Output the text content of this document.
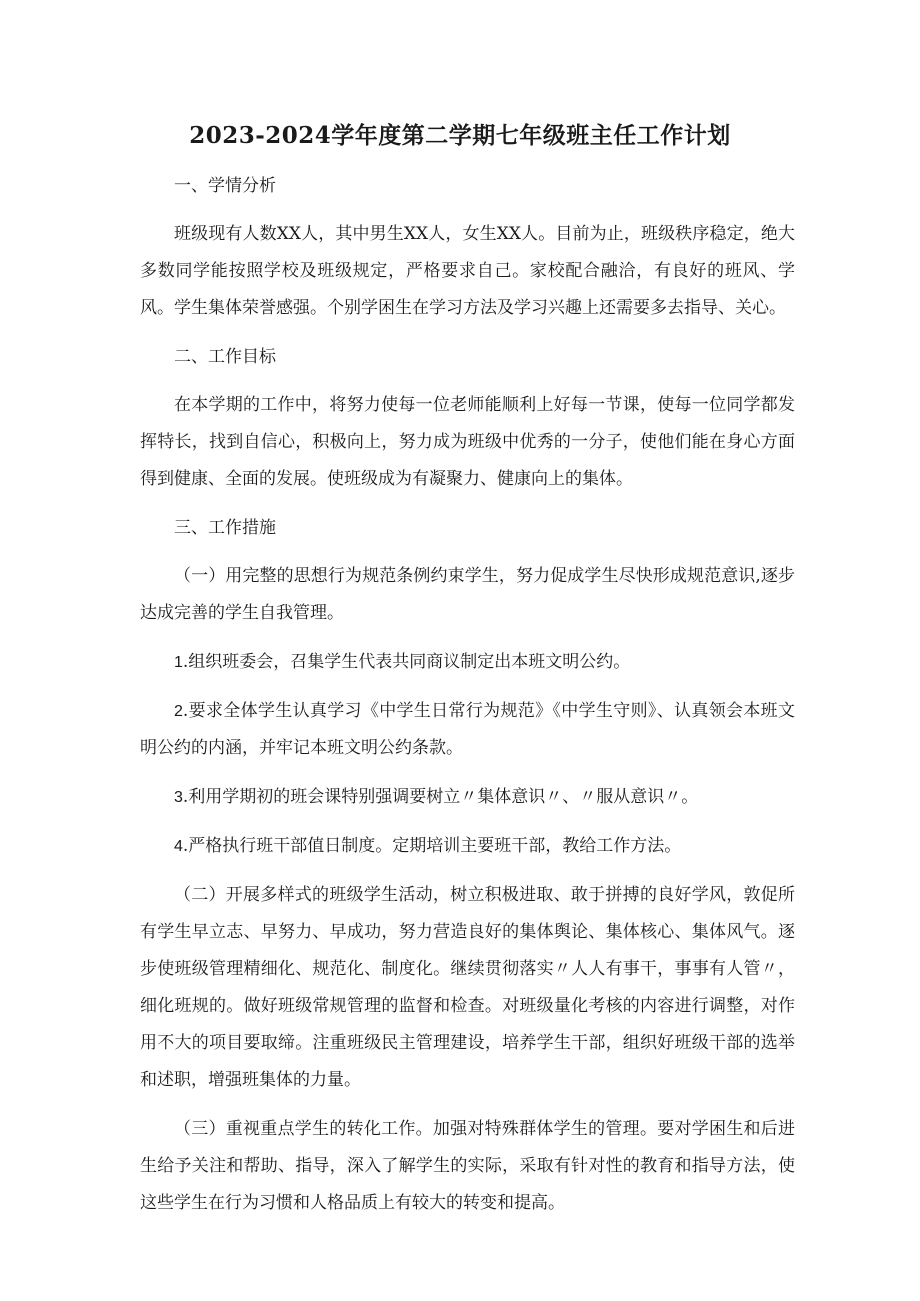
2023-2024学年度第二学期七年级班主任工作计划
一、学情分析

班级现有人数XX人，其中男生XX人，女生XX人。目前为止，班级秩序稳定，绝大多数同学能按照学校及班级规定，严格要求自己。家校配合融洽，有良好的班风、学风。学生集体荣誉感强。个别学困生在学习方法及学习兴趣上还需要多去指导、关心。

二、工作目标

在本学期的工作中，将努力使每一位老师能顺利上好每一节课，使每一位同学都发挥特长，找到自信心，积极向上，努力成为班级中优秀的一分子，使他们能在身心方面得到健康、全面的发展。使班级成为有凝聚力、健康向上的集体。

三、工作措施

（一）用完整的思想行为规范条例约束学生，努力促成学生尽快形成规范意识,逐步达成完善的学生自我管理。

1.组织班委会，召集学生代表共同商议制定出本班文明公约。

2.要求全体学生认真学习《中学生日常行为规范》《中学生守则》、认真领会本班文明公约的内涵，并牢记本班文明公约条款。

3.利用学期初的班会课特别强调要树立〃集体意识〃、〃服从意识〃。

4.严格执行班干部值日制度。定期培训主要班干部，教给工作方法。

（二）开展多样式的班级学生活动，树立积极进取、敢于拼搏的良好学风，敦促所有学生早立志、早努力、早成功，努力营造良好的集体舆论、集体核心、集体风气。逐步使班级管理精细化、规范化、制度化。继续贯彻落实〃人人有事干，事事有人管〃，细化班规的。做好班级常规管理的监督和检查。对班级量化考核的内容进行调整，对作用不大的项目要取缔。注重班级民主管理建设，培养学生干部，组织好班级干部的选举和述职，增强班集体的力量。

（三）重视重点学生的转化工作。加强对特殊群体学生的管理。要对学困生和后进生给予关注和帮助、指导，深入了解学生的实际，采取有针对性的教育和指导方法，使这些学生在行为习惯和人格品质上有较大的转变和提高。
